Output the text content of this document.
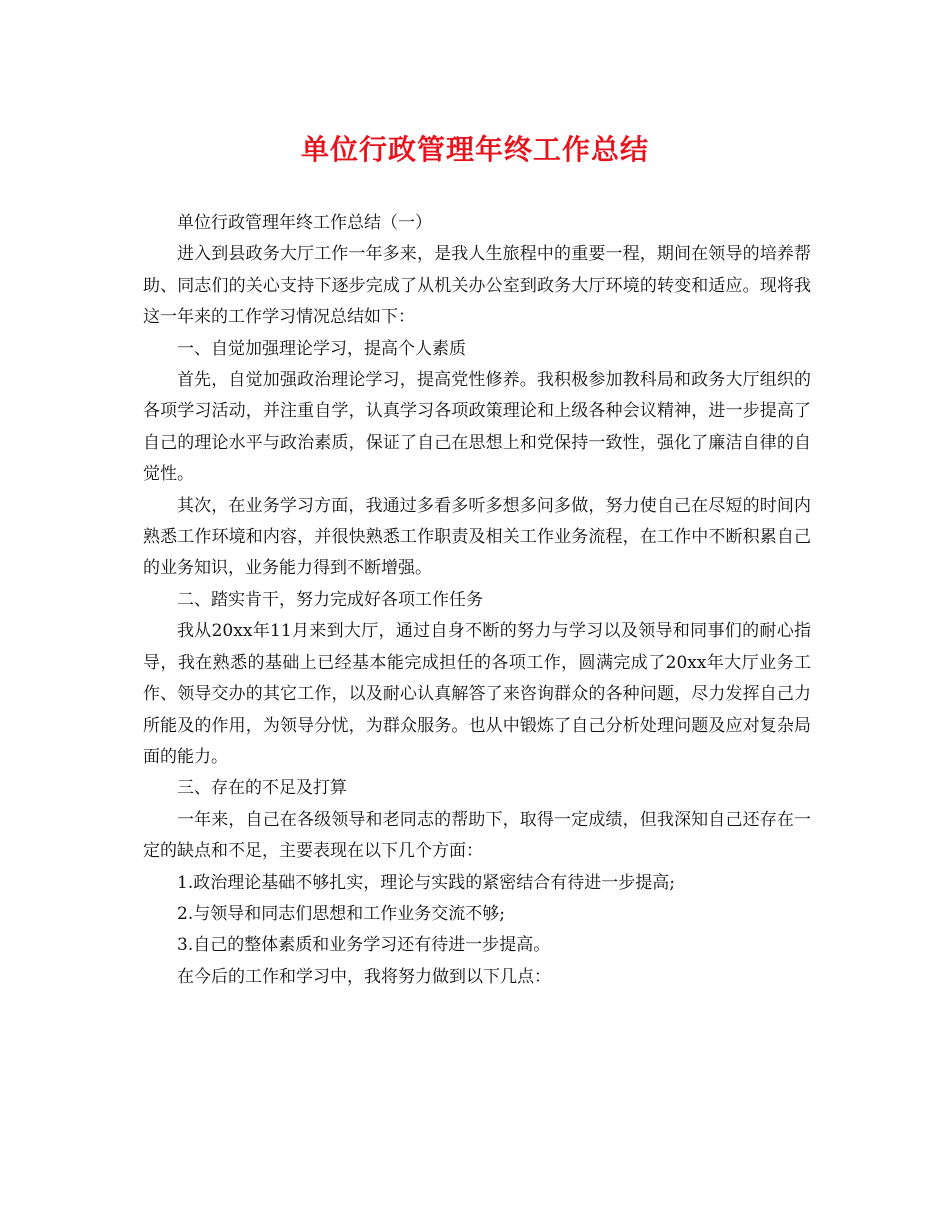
单位行政管理年终工作总结

单位行政管理年终工作总结（一）

进入到县政务大厅工作一年多来，是我人生旅程中的重要一程，期间在领导的培养帮助、同志们的关心支持下逐步完成了从机关办公室到政务大厅环境的转变和适应。现将我这一年来的工作学习情况总结如下：

一、自觉加强理论学习，提高个人素质

首先，自觉加强政治理论学习，提高党性修养。我积极参加教科局和政务大厅组织的各项学习活动，并注重自学，认真学习各项政策理论和上级各种会议精神，进一步提高了自己的理论水平与政治素质，保证了自己在思想上和党保持一致性，强化了廉洁自律的自觉性。

其次，在业务学习方面，我通过多看多听多想多问多做，努力使自己在尽短的时间内熟悉工作环境和内容，并很快熟悉工作职责及相关工作业务流程，在工作中不断积累自己的业务知识，业务能力得到不断增强。

二、踏实肯干，努力完成好各项工作任务

我从20xx年11月来到大厅，通过自身不断的努力与学习以及领导和同事们的耐心指导，我在熟悉的基础上已经基本能完成担任的各项工作，圆满完成了20xx年大厅业务工作、领导交办的其它工作，以及耐心认真解答了来咨询群众的各种问题，尽力发挥自己力所能及的作用，为领导分忧，为群众服务。也从中锻炼了自己分析处理问题及应对复杂局面的能力。

三、存在的不足及打算

一年来，自己在各级领导和老同志的帮助下，取得一定成绩，但我深知自己还存在一定的缺点和不足，主要表现在以下几个方面：

1.政治理论基础不够扎实，理论与实践的紧密结合有待进一步提高;

2.与领导和同志们思想和工作业务交流不够;

3.自己的整体素质和业务学习还有待进一步提高。

在今后的工作和学习中，我将努力做到以下几点：
